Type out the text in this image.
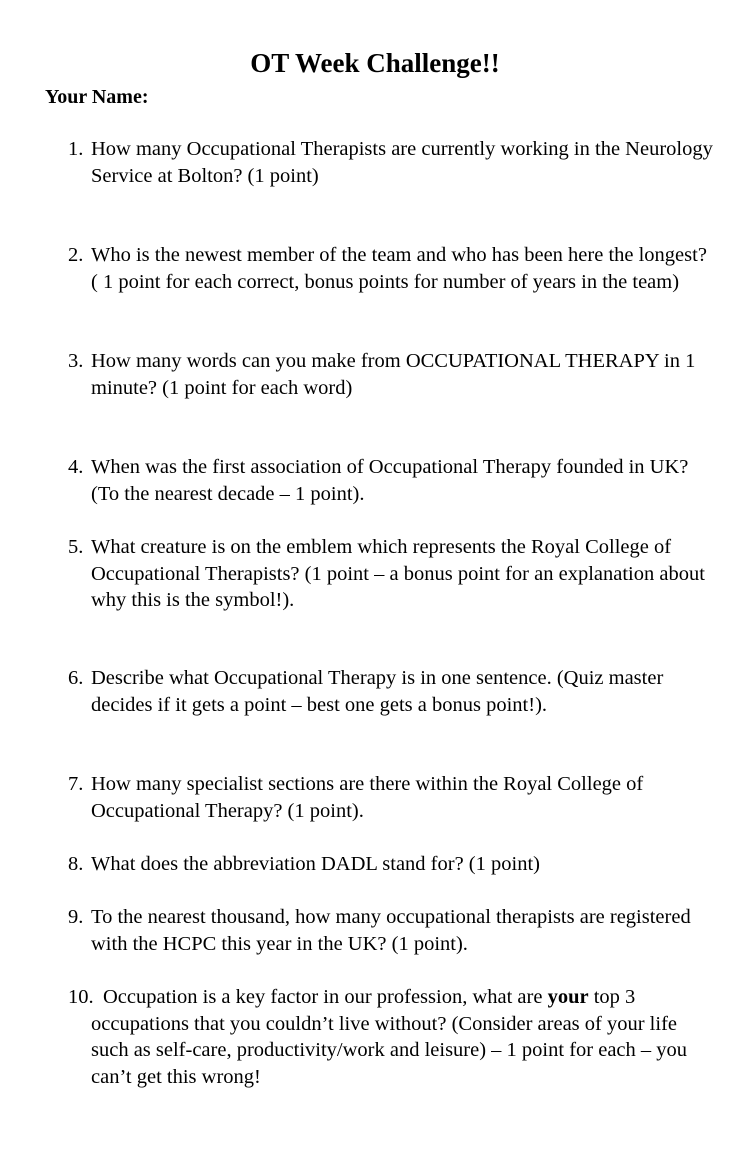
OT Week Challenge!!

Your Name:

1. How many Occupational Therapists are currently working in the Neurology Service at Bolton? (1 point)
2. Who is the newest member of the team and who has been here the longest? ( 1 point for each correct, bonus points for number of years in the team)
3. How many words can you make from OCCUPATIONAL THERAPY in 1 minute? (1 point for each word)
4. When was the first association of Occupational Therapy founded in UK? (To the nearest decade – 1 point).
5. What creature is on the emblem which represents the Royal College of Occupational Therapists? (1 point – a bonus point for an explanation about why this is the symbol!).
6. Describe what Occupational Therapy is in one sentence. (Quiz master decides if it gets a point – best one gets a bonus point!).
7. How many specialist sections are there within the Royal College of Occupational Therapy? (1 point).
8. What does the abbreviation DADL stand for? (1 point)
9. To the nearest thousand, how many occupational therapists are registered with the HCPC this year in the UK? (1 point).
10. Occupation is a key factor in our profession, what are your top 3 occupations that you couldn’t live without? (Consider areas of your life such as self-care, productivity/work and leisure) – 1 point for each – you can’t get this wrong!
